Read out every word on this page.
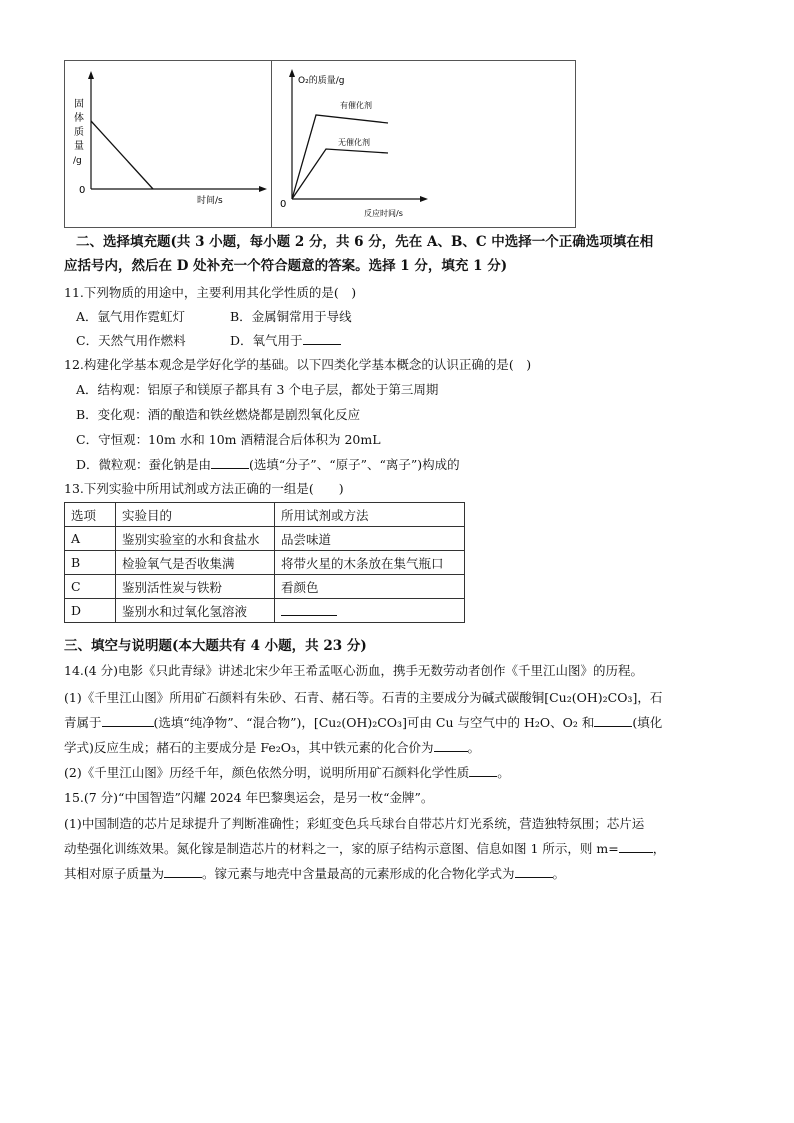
固
体
质
量
/g
0
时间/s
O₂的质量/g
有催化剂
无催化剂
0
反应时间/s
二、选择填充题(共 3 小题，每小题 2 分，共 6 分，先在 A、B、C 中选择一个正确选项填在相
应括号内，然后在 D 处补充一个符合题意的答案。选择 1 分，填充 1 分)
11.下列物质的用途中，主要利用其化学性质的是(　)
A．氩气用作霓虹灯	B．金属铜常用于导线
C．天然气用作燃料	D．氧气用于
12.构建化学基本观念是学好化学的基础。以下四类化学基本概念的认识正确的是(　)
A．结构观：铝原子和镁原子都具有 3 个电子层，都处于第三周期
B．变化观：酒的酿造和铁丝燃烧都是剧烈氧化反应
C．守恒观：10m 水和 10m 酒精混合后体积为 20mL
D．微粒观：蚕化钠是由	(选填“分子”、“原子”、“离子”)构成的
13.下列实验中所用试剂或方法正确的一组是(　　)
选项	实验目的	所用试剂或方法
A	鉴别实验室的水和食盐水	品尝味道
B	检验氧气是否收集满	将带火星的木条放在集气瓶口
C	鉴别活性炭与铁粉	看颜色
D	鉴别水和过氧化氢溶液	
三、填空与说明题(本大题共有 4 小题，共 23 分)
14.(4 分)电影《只此青绿》讲述北宋少年王希孟呕心沥血，携手无数劳动者创作《千里江山图》的历程。
(1)《千里江山图》所用矿石颜料有朱砂、石青、赭石等。石青的主要成分为碱式碳酸铜[Cu₂(OH)₂CO₃]，石
青属于	(选填“纯净物”、“混合物”)，[Cu₂(OH)₂CO₃]可由 Cu 与空气中的 H₂O、O₂ 和	(填化
学式)反应生成；赭石的主要成分是 Fe₂O₃，其中铁元素的化合价为	。
(2)《千里江山图》历经千年，颜色依然分明，说明所用矿石颜料化学性质 。
15.(7 分)“中国智造”闪耀 2024 年巴黎奥运会，是另一枚“金牌”。
(1)中国制造的芯片足球提升了判断准确性；彩虹变色兵乓球台自带芯片灯光系统，营造独特氛围；芯片运
动垫强化训练效果。氮化镓是制造芯片的材料之一，家的原子结构示意图、信息如图 1 所示，则 m=	，
其相对原子质量为	。镓元素与地壳中含量最高的元素形成的化合物化学式为	。
